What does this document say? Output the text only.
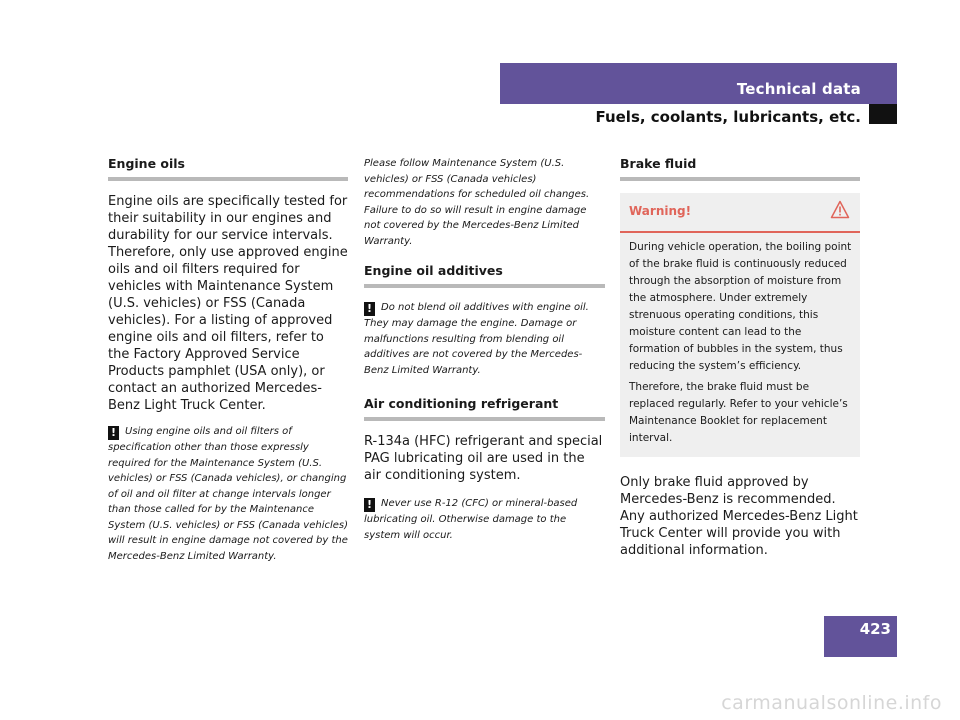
Technical data
Fuels, coolants, lubricants, etc.
Engine oils

Engine oils are specifically tested for their suitability in our engines and durability for our service intervals. Therefore, only use approved engine oils and oil filters required for vehicles with Maintenance System (U.S. vehicles) or FSS (Canada vehicles). For a listing of approved engine oils and oil filters, refer to the Factory Approved Service Products pamphlet (USA only), or contact an authorized Mercedes-Benz Light Truck Center.

! Using engine oils and oil filters of specification other than those expressly required for the Maintenance System (U.S. vehicles) or FSS (Canada vehicles), or changing of oil and oil filter at change intervals longer than those called for by the Maintenance System (U.S. vehicles) or FSS (Canada vehicles) will result in engine damage not covered by the Mercedes-Benz Limited Warranty.

Please follow Maintenance System (U.S. vehicles) or FSS (Canada vehicles) recommendations for scheduled oil changes. Failure to do so will result in engine damage not covered by the Mercedes-Benz Limited Warranty.

Engine oil additives

! Do not blend oil additives with engine oil. They may damage the engine. Damage or malfunctions resulting from blending oil additives are not covered by the Mercedes-Benz Limited Warranty.

Air conditioning refrigerant

R-134a (HFC) refrigerant and special PAG lubricating oil are used in the air conditioning system.

! Never use R-12 (CFC) or mineral-based lubricating oil. Otherwise damage to the system will occur.

Brake fluid
Warning!

During vehicle operation, the boiling point of the brake fluid is continuously reduced through the absorption of moisture from the atmosphere. Under extremely strenuous operating conditions, this moisture content can lead to the formation of bubbles in the system, thus reducing the system’s efficiency.

Therefore, the brake fluid must be replaced regularly. Refer to your vehicle’s Maintenance Booklet for replacement interval.

Only brake fluid approved by Mercedes-Benz is recommended. Any authorized Mercedes-Benz Light Truck Center will provide you with additional information.

423
carmanualsonline.info
